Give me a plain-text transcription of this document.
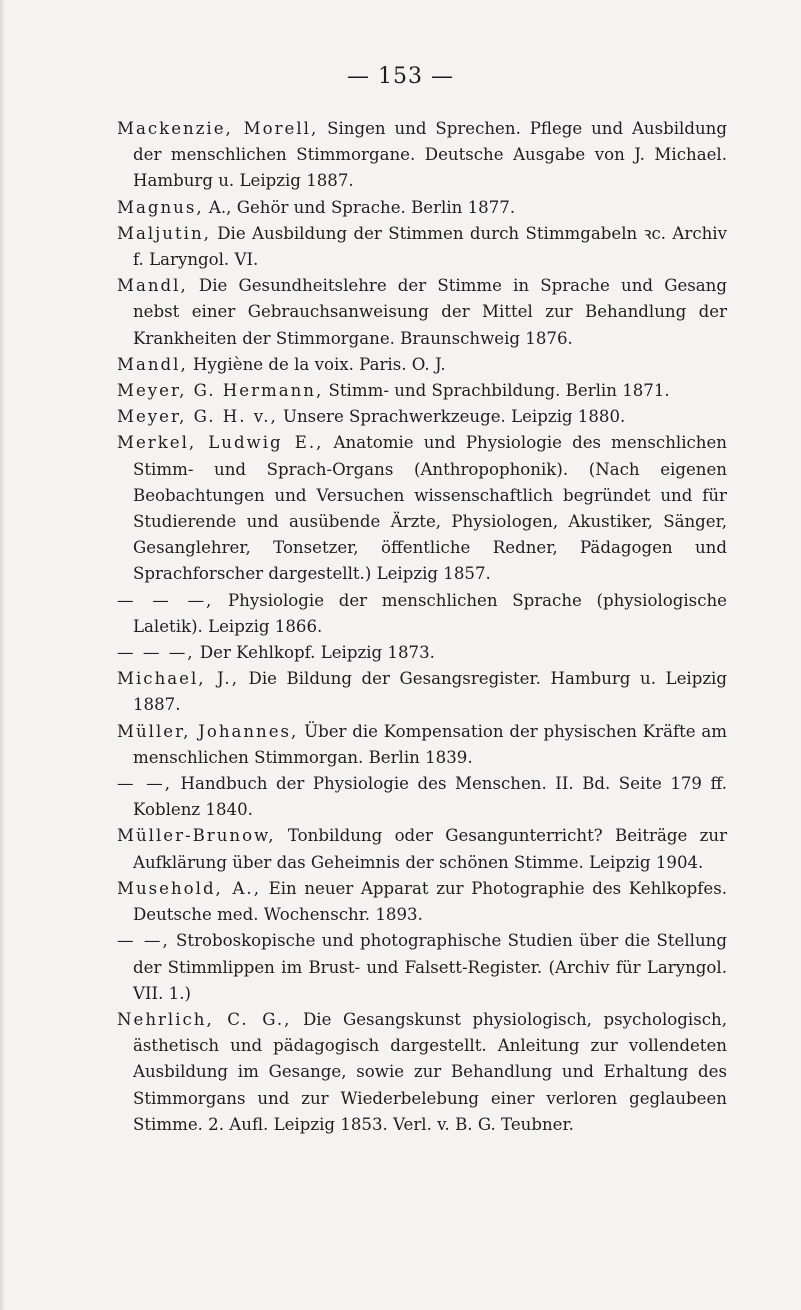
— 153 —
Mackenzie, Morell, Singen und Sprechen. Pflege und Ausbildung der menschlichen Stimmorgane. Deutsche Ausgabe von J. Michael. Hamburg u. Leipzig 1887.
Magnus, A., Gehör und Sprache. Berlin 1877.
Maljutin, Die Ausbildung der Stimmen durch Stimmgabeln ꝛc. Archiv f. Laryngol. VI.
Mandl, Die Gesundheitslehre der Stimme in Sprache und Gesang nebst einer Gebrauchsanweisung der Mittel zur Behandlung der Krankheiten der Stimmorgane. Braunschweig 1876.
Mandl, Hygiène de la voix. Paris. O. J.
Meyer, G. Hermann, Stimm- und Sprachbildung. Berlin 1871.
Meyer, G. H. v., Unsere Sprachwerkzeuge. Leipzig 1880.
Merkel, Ludwig E., Anatomie und Physiologie des menschlichen Stimm- und Sprach-Organs (Anthropophonik). (Nach eigenen Beobachtungen und Versuchen wissenschaftlich begründet und für Studierende und ausübende Ärzte, Physiologen, Akustiker, Sänger, Gesanglehrer, Tonsetzer, öffentliche Redner, Pädagogen und Sprachforscher dargestellt.) Leipzig 1857.
— — —, Physiologie der menschlichen Sprache (physiologische Laletik). Leipzig 1866.
— — —, Der Kehlkopf. Leipzig 1873.
Michael, J., Die Bildung der Gesangsregister. Hamburg u. Leipzig 1887.
Müller, Johannes, Über die Kompensation der physischen Kräfte am menschlichen Stimmorgan. Berlin 1839.
— —, Handbuch der Physiologie des Menschen. II. Bd. Seite 179 ff. Koblenz 1840.
Müller-Brunow, Tonbildung oder Gesangunterricht? Beiträge zur Aufklärung über das Geheimnis der schönen Stimme. Leipzig 1904.
Musehold, A., Ein neuer Apparat zur Photographie des Kehlkopfes. Deutsche med. Wochenschr. 1893.
— —, Stroboskopische und photographische Studien über die Stellung der Stimmlippen im Brust- und Falsett-Register. (Archiv für Laryngol. VII. 1.)
Nehrlich, C. G., Die Gesangskunst physiologisch, psychologisch, ästhetisch und pädagogisch dargestellt. Anleitung zur vollendeten Ausbildung im Gesange, sowie zur Behandlung und Erhaltung des Stimmorgans und zur Wiederbelebung einer verloren geglaubeen Stimme. 2. Aufl. Leipzig 1853. Verl. v. B. G. Teubner.
